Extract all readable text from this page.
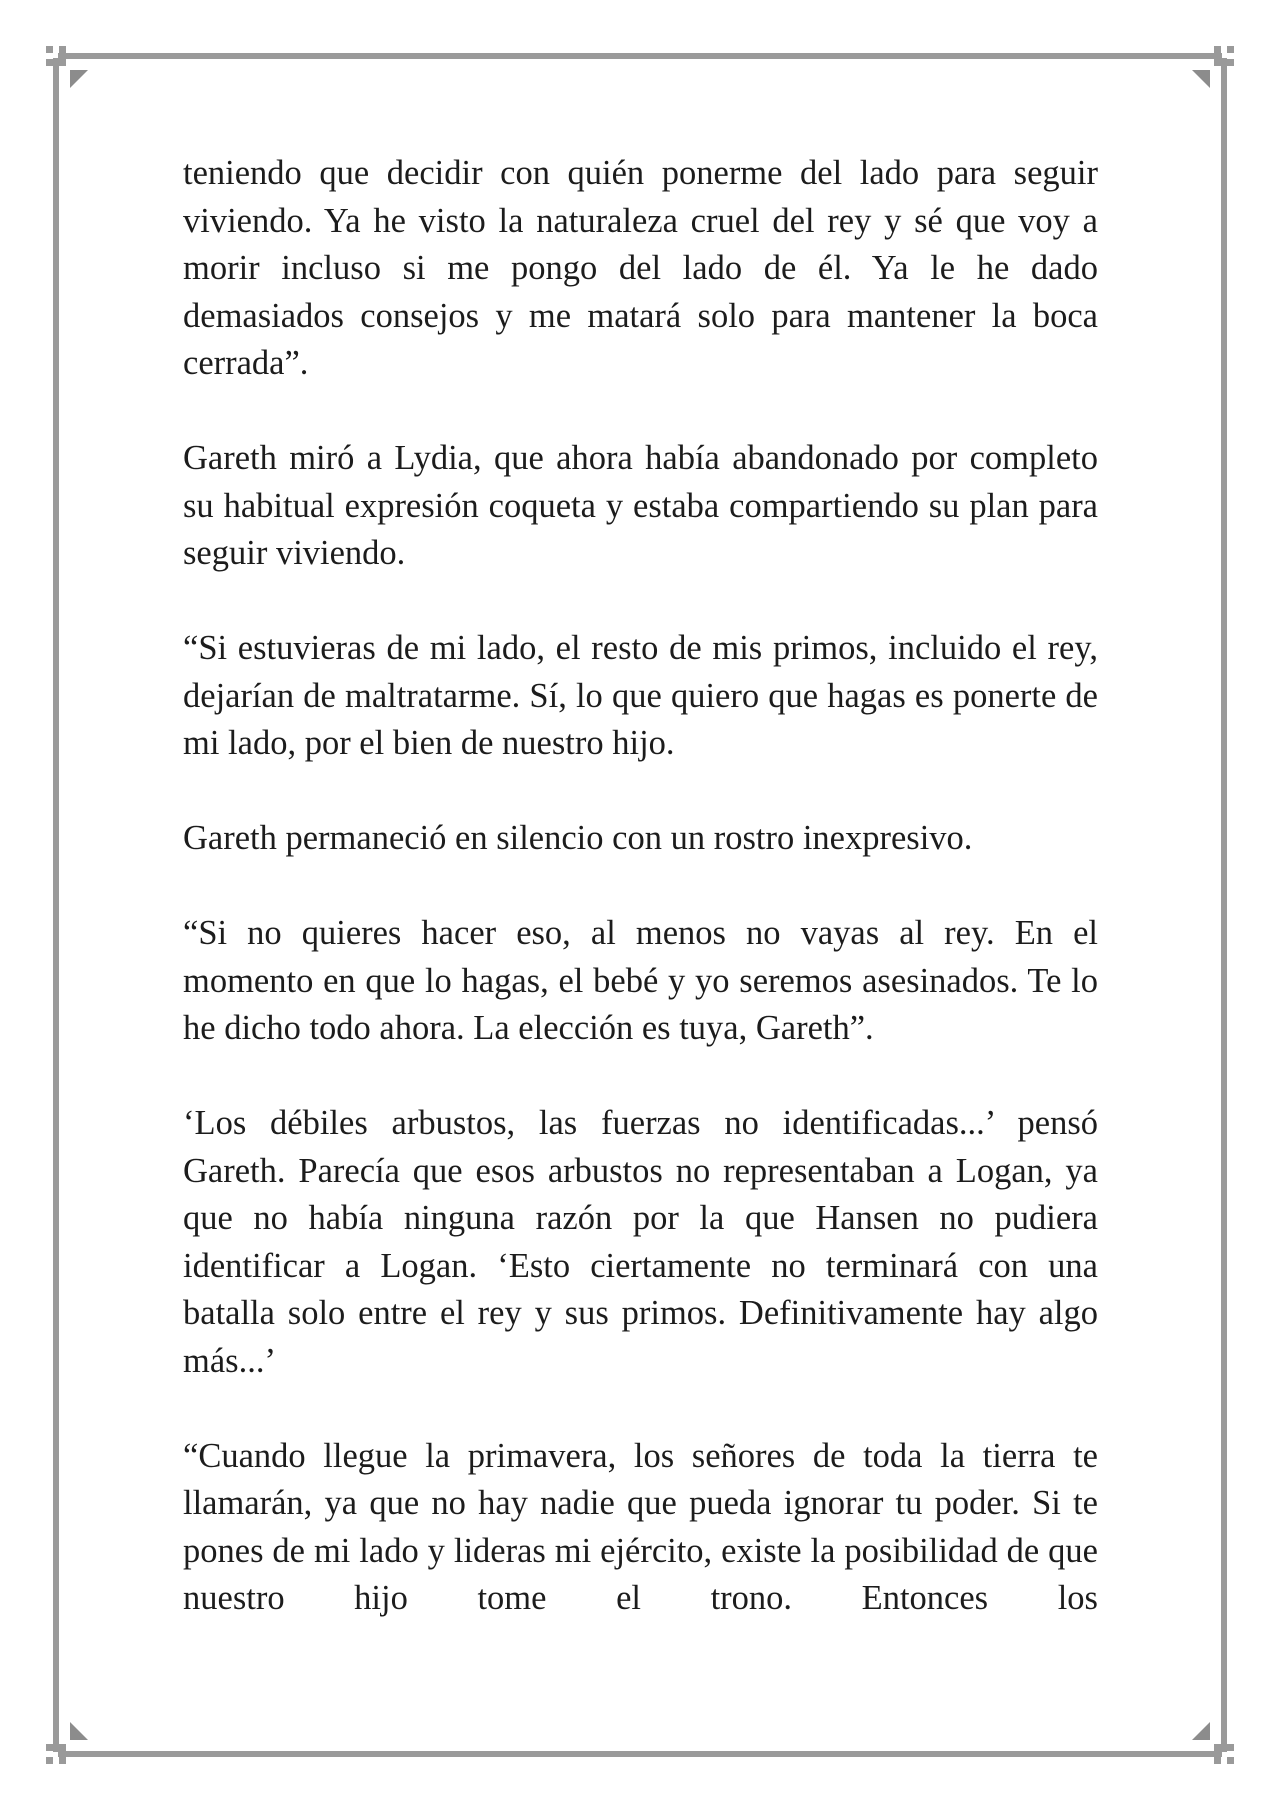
teniendo que decidir con quién ponerme del lado para seguir viviendo. Ya he visto la naturaleza cruel del rey y sé que voy a morir incluso si me pongo del lado de él. Ya le he dado demasiados consejos y me matará solo para mantener la boca cerrada”.

Gareth miró a Lydia, que ahora había abandonado por completo su habitual expresión coqueta y estaba compartiendo su plan para seguir viviendo.

“Si estuvieras de mi lado, el resto de mis primos, incluido el rey, dejarían de maltratarme. Sí, lo que quiero que hagas es ponerte de mi lado, por el bien de nuestro hijo.

Gareth permaneció en silencio con un rostro inexpresivo.

“Si no quieres hacer eso, al menos no vayas al rey. En el momento en que lo hagas, el bebé y yo seremos asesinados. Te lo he dicho todo ahora. La elección es tuya, Gareth”.

‘Los débiles arbustos, las fuerzas no identificadas...’ pensó Gareth. Parecía que esos arbustos no representaban a Logan, ya que no había ninguna razón por la que Hansen no pudiera identificar a Logan. ‘Esto ciertamente no terminará con una batalla solo entre el rey y sus primos. Definitivamente hay algo más...’

“Cuando llegue la primavera, los señores de toda la tierra te llamarán, ya que no hay nadie que pueda ignorar tu poder. Si te pones de mi lado y lideras mi ejército, existe la posibilidad de que nuestro hijo tome el trono. Entonces los
